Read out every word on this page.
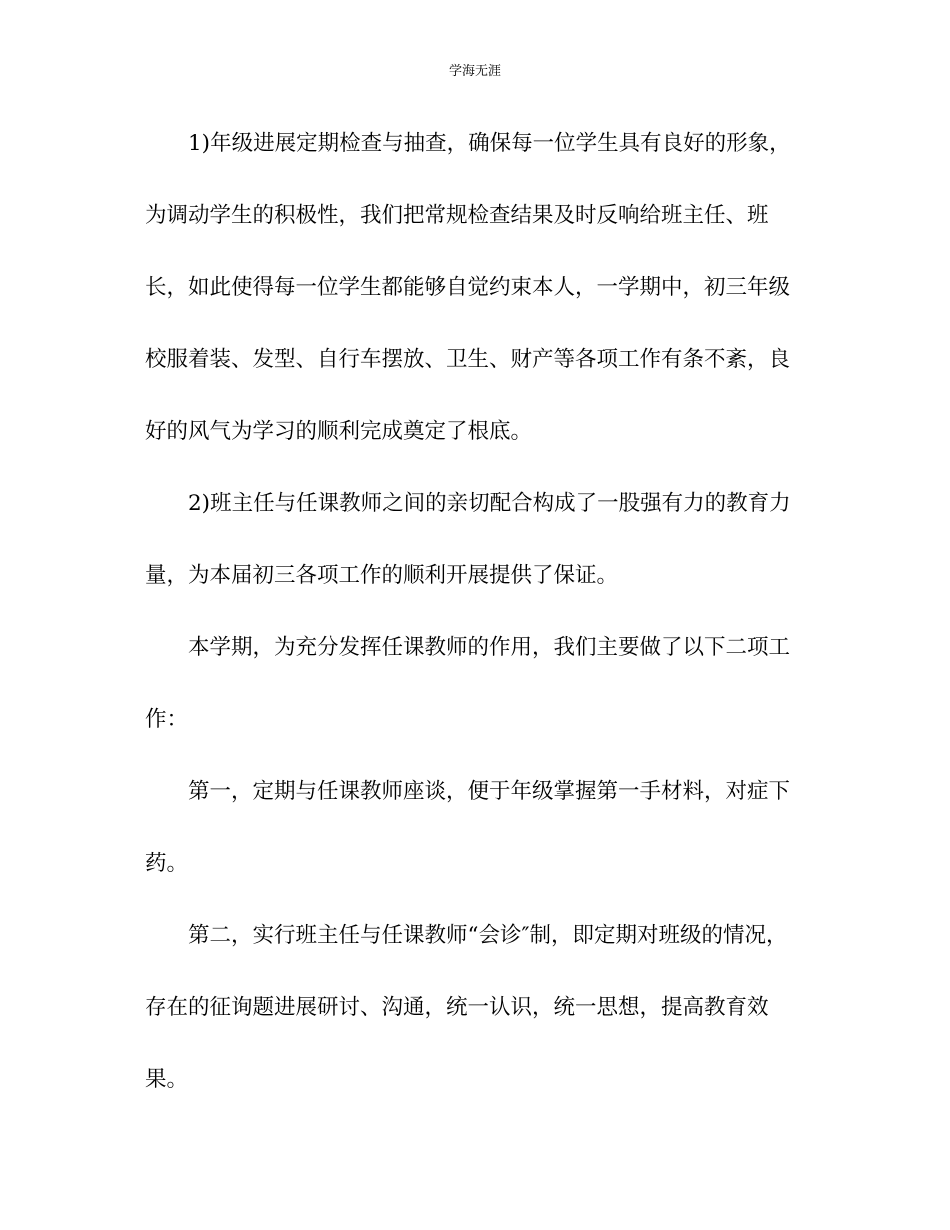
学海无涯
1)年级进展定期检查与抽查，确保每一位学生具有良好的形象，
为调动学生的积极性，我们把常规检查结果及时反响给班主任、班
长，如此使得每一位学生都能够自觉约束本人，一学期中，初三年级
校服着装、发型、自行车摆放、卫生、财产等各项工作有条不紊，良
好的风气为学习的顺利完成奠定了根底。
2)班主任与任课教师之间的亲切配合构成了一股强有力的教育力
量，为本届初三各项工作的顺利开展提供了保证。
本学期，为充分发挥任课教师的作用，我们主要做了以下二项工
作：
第一，定期与任课教师座谈，便于年级掌握第一手材料，对症下
药。
第二，实行班主任与任课教师“会诊″制，即定期对班级的情况，
存在的征询题进展研讨、沟通，统一认识，统一思想，提高教育效
果。
